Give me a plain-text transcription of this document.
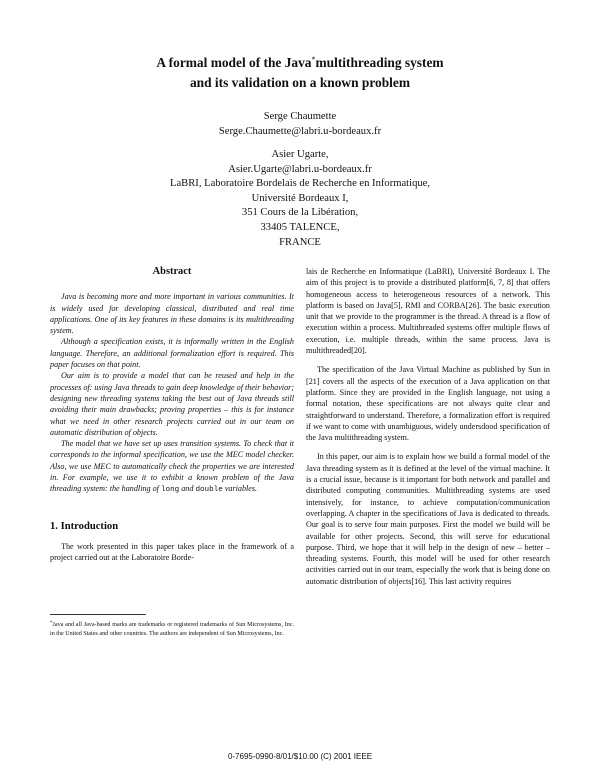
A formal model of the Java*multithreading system
and its validation on a known problem
Serge Chaumette
Serge.Chaumette@labri.u-bordeaux.fr
Asier Ugarte,
Asier.Ugarte@labri.u-bordeaux.fr
LaBRI, Laboratoire Bordelais de Recherche en Informatique,
Université Bordeaux I,
351 Cours de la Libération,
33405 TALENCE,
FRANCE
Abstract

Java is becoming more and more important in various communities. It is widely used for developing classical, distributed and real time applications. One of its key features in these domains is its multithreading system.

Although a specification exists, it is informally written in the English language. Therefore, an additional formalization effort is required. This paper focuses on that point.

Our aim is to provide a model that can be reused and help in the processes of: using Java threads to gain deep knowledge of their behavior; designing new threading systems taking the best out of Java threads still avoiding their main drawbacks; proving properties – this is for instance what we need in other research projects carried out in our team on automatic distribution of objects.

The model that we have set up uses transition systems. To check that it corresponds to the informal specification, we use the MEC model checker. Also, we use MEC to automatically check the properties we are interested in. For example, we use it to exhibit a known problem of the Java threading system: the handling of long and double variables.

1. Introduction

The work presented in this paper takes place in the framework of a project carried out at the Laboratoire Borde-

*Java and all Java-based marks are trademarks or registered trademarks of Sun Microsystems, Inc. in the United States and other countries. The authors are independent of Sun Microsystems, Inc.

lais de Recherche en Informatique (LaBRI), Université Bordeaux I. The aim of this project is to provide a distributed platform[6, 7, 8] that offers homogeneous access to heterogeneous resources of a network. This platform is based on Java[5], RMI and CORBA[26]. The basic execution unit that we provide to the programmer is the thread. A thread is a flow of execution within a process. Multithreaded systems offer multiple flows of execution, i.e. multiple threads, within the same process. Java is multithreaded[20].

The specification of the Java Virtual Machine as published by Sun in [21] covers all the aspects of the execution of a Java application on that platform. Since they are provided in the English language, not using a formal notation, these specifications are not always quite clear and straightforward to understand. Therefore, a formalization effort is required if we want to come with unambiguous, widely undersdood specification of the Java multithreading system.

In this paper, our aim is to explain how we build a formal model of the Java threading system as it is defined at the level of the virtual machine. It is a crucial issue, because is it important for both network and parallel and distributed computing communities. Multithreading systems are used intensively, for instance, to achieve computation/communication overlapping. A chapter in the specifications of Java is dedicated to threads. Our goal is to serve four main purposes. First the model we build will be available for other projects. Second, this will serve for educational purpose. Third, we hope that it will help in the design of new – better – threading systems. Fourth, this model will be used for other research activities carried out in our team, especially the work that is being done on automatic distribution of objects[16]. This last activity requires

0-7695-0990-8/01/$10.00 (C) 2001 IEEE
